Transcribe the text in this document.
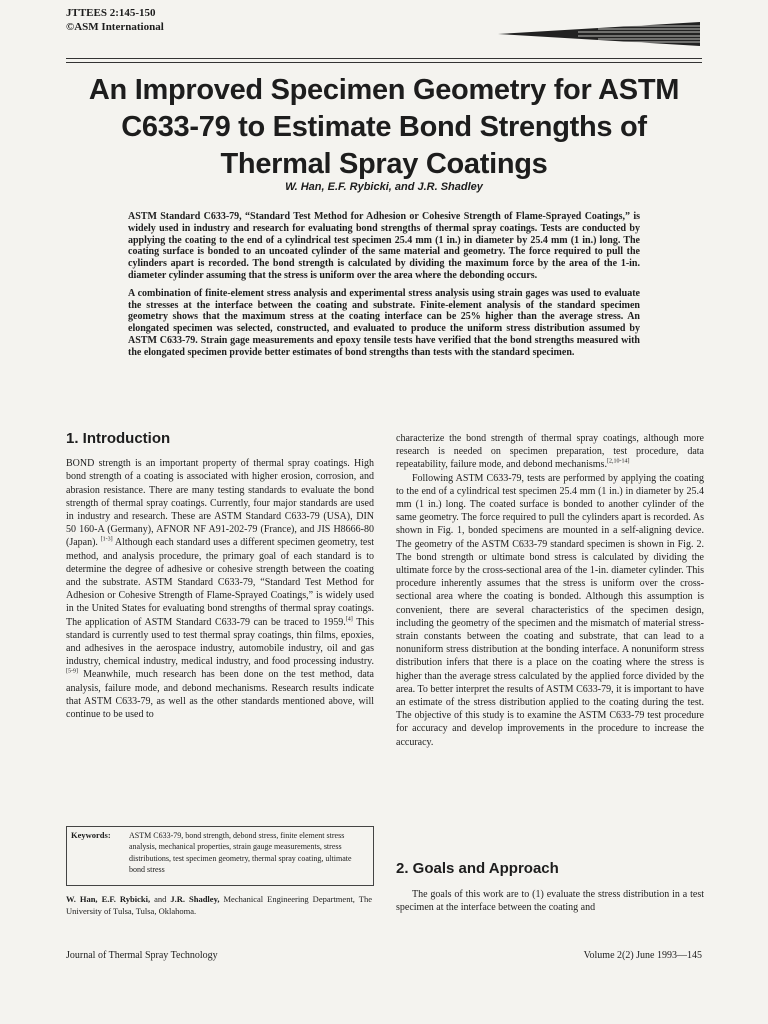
JTTEES 2:145-150
©ASM International
An Improved Specimen Geometry for ASTM C633-79 to Estimate Bond Strengths of Thermal Spray Coatings
W. Han, E.F. Rybicki, and J.R. Shadley

ASTM Standard C633-79, “Standard Test Method for Adhesion or Cohesive Strength of Flame-Sprayed Coatings,” is widely used in industry and research for evaluating bond strengths of thermal spray coatings. Tests are conducted by applying the coating to the end of a cylindrical test specimen 25.4 mm (1 in.) in diameter by 25.4 mm (1 in.) long. The coating surface is bonded to an uncoated cylinder of the same material and geometry. The force required to pull the cylinders apart is recorded. The bond strength is calculated by dividing the maximum force by the area of the 1-in. diameter cylinder assuming that the stress is uniform over the area where the debonding occurs.

A combination of finite-element stress analysis and experimental stress analysis using strain gages was used to evaluate the stresses at the interface between the coating and substrate. Finite-element analysis of the standard specimen geometry shows that the maximum stress at the coating interface can be 25% higher than the average stress. An elongated specimen was selected, constructed, and evaluated to produce the uniform stress distribution assumed by ASTM C633-79. Strain gage measurements and epoxy tensile tests have verified that the bond strengths measured with the elongated specimen provide better estimates of bond strengths than tests with the standard specimen.

1. Introduction

BOND strength is an important property of thermal spray coatings. High bond strength of a coating is associated with higher erosion, corrosion, and abrasion resistance. There are many testing standards to evaluate the bond strength of thermal spray coatings. Currently, four major standards are used in industry and research. These are ASTM Standard C633-79 (USA), DIN 50 160-A (Germany), AFNOR NF A91-202-79 (France), and JIS H8666-80 (Japan). [1-3] Although each standard uses a different specimen geometry, test method, and analysis procedure, the primary goal of each standard is to determine the degree of adhesive or cohesive strength between the coating and the substrate. ASTM Standard C633-79, “Standard Test Method for Adhesion or Cohesive Strength of Flame-Sprayed Coatings,” is widely used in the United States for evaluating bond strengths of thermal spray coatings. The application of ASTM Standard C633-79 can be traced to 1959.[4] This standard is currently used to test thermal spray coatings, thin films, epoxies, and adhesives in the aerospace industry, automobile industry, oil and gas industry, chemical industry, medical industry, and food processing industry.[5-9] Meanwhile, much research has been done on the test method, data analysis, failure mode, and debond mechanisms. Research results indicate that ASTM C633-79, as well as the other standards mentioned above, will continue to be used to

Keywords: ASTM C633-79, bond strength, debond stress, finite element stress analysis, mechanical properties, strain gauge measurements, stress distributions, test specimen geometry, thermal spray coating, ultimate bond stress
W. Han, E.F. Rybicki, and J.R. Shadley, Mechanical Engineering Department, The University of Tulsa, Tulsa, Oklahoma.

characterize the bond strength of thermal spray coatings, although more research is needed on specimen preparation, test procedure, data repeatability, failure mode, and debond mechanisms.[2,10-14]

Following ASTM C633-79, tests are performed by applying the coating to the end of a cylindrical test specimen 25.4 mm (1 in.) in diameter by 25.4 mm (1 in.) long. The coated surface is bonded to another cylinder of the same geometry. The force required to pull the cylinders apart is recorded. As shown in Fig. 1, bonded specimens are mounted in a self-aligning device. The geometry of the ASTM C633-79 standard specimen is shown in Fig. 2. The bond strength or ultimate bond stress is calculated by dividing the ultimate force by the cross-sectional area of the 1-in. diameter cylinder. This procedure inherently assumes that the stress is uniform over the cross-sectional area where the coating is bonded. Although this assumption is convenient, there are several characteristics of the specimen design, including the geometry of the specimen and the mismatch of material stress-strain constants between the coating and substrate, that can lead to a nonuniform stress distribution at the bonding interface. A nonuniform stress distribution infers that there is a place on the coating where the stress is higher than the average stress calculated by the applied force divided by the area. To better interpret the results of ASTM C633-79, it is important to have an estimate of the stress distribution applied to the coating during the test. The objective of this study is to examine the ASTM C633-79 test procedure for accuracy and develop improvements in the procedure to increase the accuracy.

2. Goals and Approach
The goals of this work are to (1) evaluate the stress distribution in a test specimen at the interface between the coating and
Journal of Thermal Spray Technology	Volume 2(2) June 1993—145
